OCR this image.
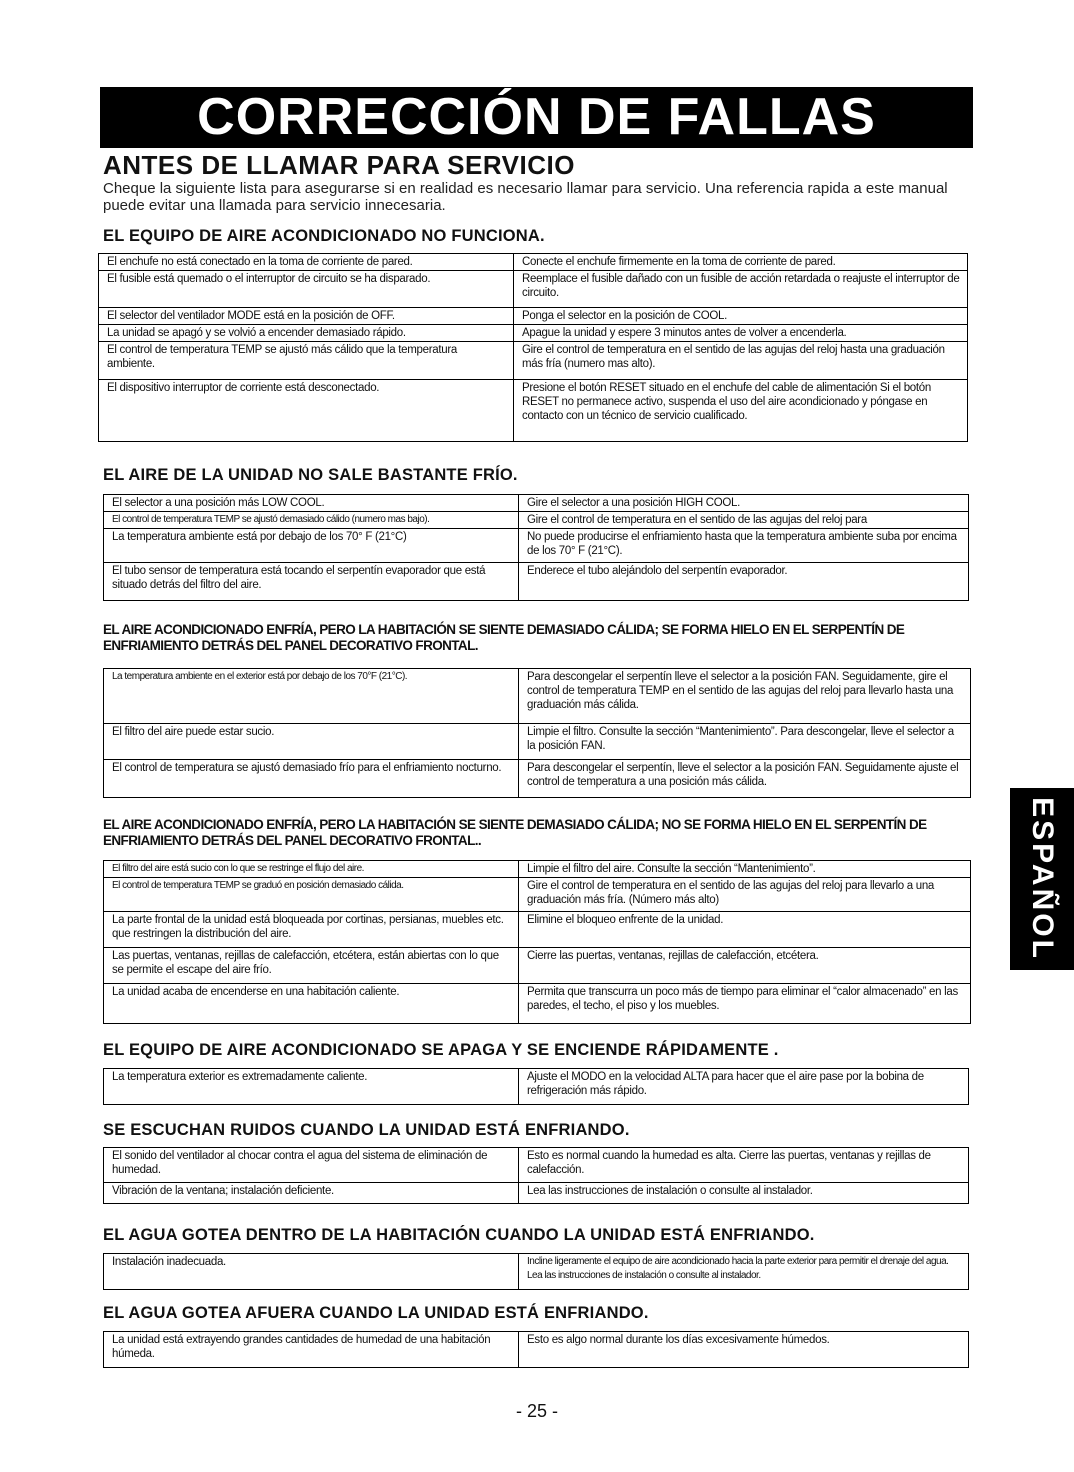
CORRECCIÓN DE FALLAS
ANTES DE LLAMAR PARA SERVICIO
Cheque la siguiente lista para asegurarse si en realidad es necesario llamar para servicio. Una referencia rapida a este manual puede evitar una llamada para servicio innecesaria.
EL EQUIPO DE AIRE ACONDICIONADO NO FUNCIONA.
El enchufe no está conectado en la toma de corriente de pared.	Conecte el enchufe firmemente en la toma de corriente de pared.
El fusible está quemado o el interruptor de circuito se ha disparado.	Reemplace el fusible dañado con un fusible de acción retardada o reajuste el interruptor de circuito.
El selector del ventilador MODE está en la posición de OFF.	Ponga el selector en la posición de COOL.
La unidad se apagó y se volvió a encender demasiado rápido.	Apague la unidad y espere 3 minutos antes de volver a encenderla.
El control de temperatura TEMP se ajustó más cálido que la temperatura ambiente.	Gire el control de temperatura en el sentido de las agujas del reloj hasta una graduación más fría (numero mas alto).
El dispositivo interruptor de corriente está desconectado.	Presione el botón RESET situado en el enchufe del cable de alimentación Si el botón RESET no permanece activo, suspenda el uso del aire acondicionado y póngase en contacto con un técnico de servicio cualificado.
EL AIRE DE LA UNIDAD NO SALE BASTANTE FRÍO.
El selector a una posición más LOW COOL.	Gire el selector a una posición HIGH COOL.
El control de temperatura TEMP se ajustó demasiado cálido (numero mas bajo).	Gire el control de temperatura en el sentido de las agujas del reloj para
La temperatura ambiente está por debajo de los 70° F (21°C)	No puede producirse el enfriamiento hasta que la temperatura ambiente suba por encima de los 70° F (21°C).
El tubo sensor de temperatura está tocando el serpentín evaporador que está situado detrás del filtro del aire.	Enderece el tubo alejándolo del serpentín evaporador.
EL AIRE ACONDICIONADO ENFRÍA, PERO LA HABITACIÓN SE SIENTE DEMASIADO CÁLIDA; SE FORMA HIELO EN EL SERPENTÍN DE ENFRIAMIENTO DETRÁS DEL PANEL DECORATIVO FRONTAL.
La temperatura ambiente en el exterior está por debajo de los 70°F (21°C).	Para descongelar el serpentín lleve el selector a la posición FAN. Seguidamente, gire el control de temperatura TEMP en el sentido de las agujas del reloj para llevarlo hasta una graduación más cálida.
El filtro del aire puede estar sucio.	Limpie el filtro. Consulte la sección “Mantenimiento”. Para descongelar, lleve el selector a la posición FAN.
El control de temperatura se ajustó demasiado frío para el enfriamiento nocturno.	Para descongelar el serpentín, lleve el selector a la posición FAN. Seguidamente ajuste el control de temperatura a una posición más cálida.
EL AIRE ACONDICIONADO ENFRÍA, PERO LA HABITACIÓN SE SIENTE DEMASIADO CÁLIDA; NO SE FORMA HIELO EN EL SERPENTÍN DE ENFRIAMIENTO DETRÁS DEL PANEL DECORATIVO FRONTAL..
El filtro del aire está sucio con lo que se restringe el flujo del aire.	Limpie el filtro del aire. Consulte la sección “Mantenimiento”.
El control de temperatura TEMP se graduó en posición demasiado cálida.	Gire el control de temperatura en el sentido de las agujas del reloj para llevarlo a una graduación más fría. (Número más alto)
La parte frontal de la unidad está bloqueada por cortinas, persianas, muebles etc. que restringen la distribución del aire.	Elimine el bloqueo enfrente de la unidad.
Las puertas, ventanas, rejillas de calefacción, etcétera, están abiertas con lo que se permite el escape del aire frío.	Cierre las puertas, ventanas, rejillas de calefacción, etcétera.
La unidad acaba de encenderse en una habitación caliente.	Permita que transcurra un poco más de tiempo para eliminar el “calor almacenado” en las paredes, el techo, el piso y los muebles.
EL EQUIPO DE AIRE ACONDICIONADO SE APAGA Y SE ENCIENDE RÁPIDAMENTE .
La temperatura exterior es extremadamente caliente.	Ajuste el MODO en la velocidad ALTA para hacer que el aire pase por la bobina de refrigeración más rápido.
SE ESCUCHAN RUIDOS CUANDO LA UNIDAD ESTÁ ENFRIANDO.
El sonido del ventilador al chocar contra el agua del sistema de eliminación de humedad.	Esto es normal cuando la humedad es alta. Cierre las puertas, ventanas y rejillas de calefacción.
Vibración de la ventana; instalación deficiente.	Lea las instrucciones de instalación o consulte al instalador.
EL AGUA GOTEA DENTRO DE LA HABITACIÓN CUANDO LA UNIDAD ESTÁ ENFRIANDO.
Instalación inadecuada.	Incline ligeramente el equipo de aire acondicionado hacia la parte exterior para permitir el drenaje del agua. Lea las instrucciones de instalación o consulte al instalador.
EL AGUA GOTEA AFUERA CUANDO LA UNIDAD ESTÁ ENFRIANDO.
La unidad está extrayendo grandes cantidades de humedad de una habitación húmeda.	Esto es algo normal durante los días excesivamente húmedos.
ESPAÑOL
- 25 -
